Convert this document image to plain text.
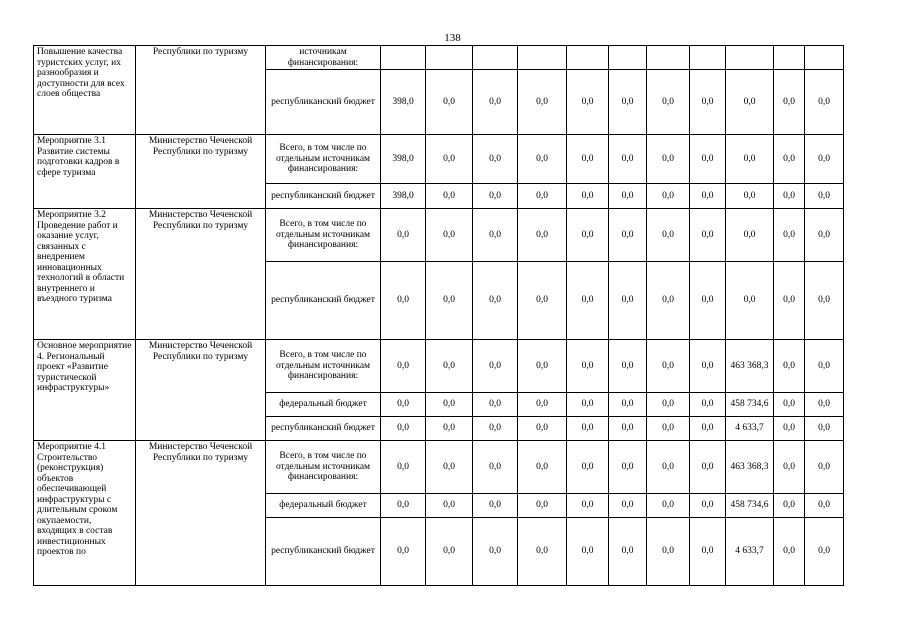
138
Повышение качества туристских услуг, их разнообразия и доступности для всех слоев общества	Республики по туризму	источникам финансирования:											
		республиканский бюджет	398,0	0,0	0,0	0,0	0,0	0,0	0,0	0,0	0,0	0,0	0,0
Мероприятие 3.1 Развитие системы подготовки кадров в сфере туризма	Министерство Чеченской Республики по туризму	Всего, в том числе по отдельным источникам финансирования:	398,0	0,0	0,0	0,0	0,0	0,0	0,0	0,0	0,0	0,0	0,0
		республиканский бюджет	398,0	0,0	0,0	0,0	0,0	0,0	0,0	0,0	0,0	0,0	0,0
Мероприятие 3.2 Проведение работ и оказание услуг, связанных с внедрением инновационных технологий в области внутреннего и въездного туризма	Министерство Чеченской Республики по туризму	Всего, в том числе по отдельным источникам финансирования:	0,0	0,0	0,0	0,0	0,0	0,0	0,0	0,0	0,0	0,0	0,0
		республиканский бюджет	0,0	0,0	0,0	0,0	0,0	0,0	0,0	0,0	0,0	0,0	0,0
Основное мероприятие 4. Региональный проект «Развитие туристической инфраструктуры»	Министерство Чеченской Республики по туризму	Всего, в том числе по отдельным источникам финансирования:	0,0	0,0	0,0	0,0	0,0	0,0	0,0	0,0	463 368,3	0,0	0,0
		федеральный бюджет	0,0	0,0	0,0	0,0	0,0	0,0	0,0	0,0	458 734,6	0,0	0,0
		республиканский бюджет	0,0	0,0	0,0	0,0	0,0	0,0	0,0	0,0	4 633,7	0,0	0,0
Мероприятие 4.1 Строительство (реконструкция) объектов обеспечивающей инфраструктуры с длительным сроком окупаемости, входящих в состав инвестиционных проектов по	Министерство Чеченской Республики по туризму	Всего, в том числе по отдельным источникам финансирования:	0,0	0,0	0,0	0,0	0,0	0,0	0,0	0,0	463 368,3	0,0	0,0
		федеральный бюджет	0,0	0,0	0,0	0,0	0,0	0,0	0,0	0,0	458 734,6	0,0	0,0
		республиканский бюджет	0,0	0,0	0,0	0,0	0,0	0,0	0,0	0,0	4 633,7	0,0	0,0
